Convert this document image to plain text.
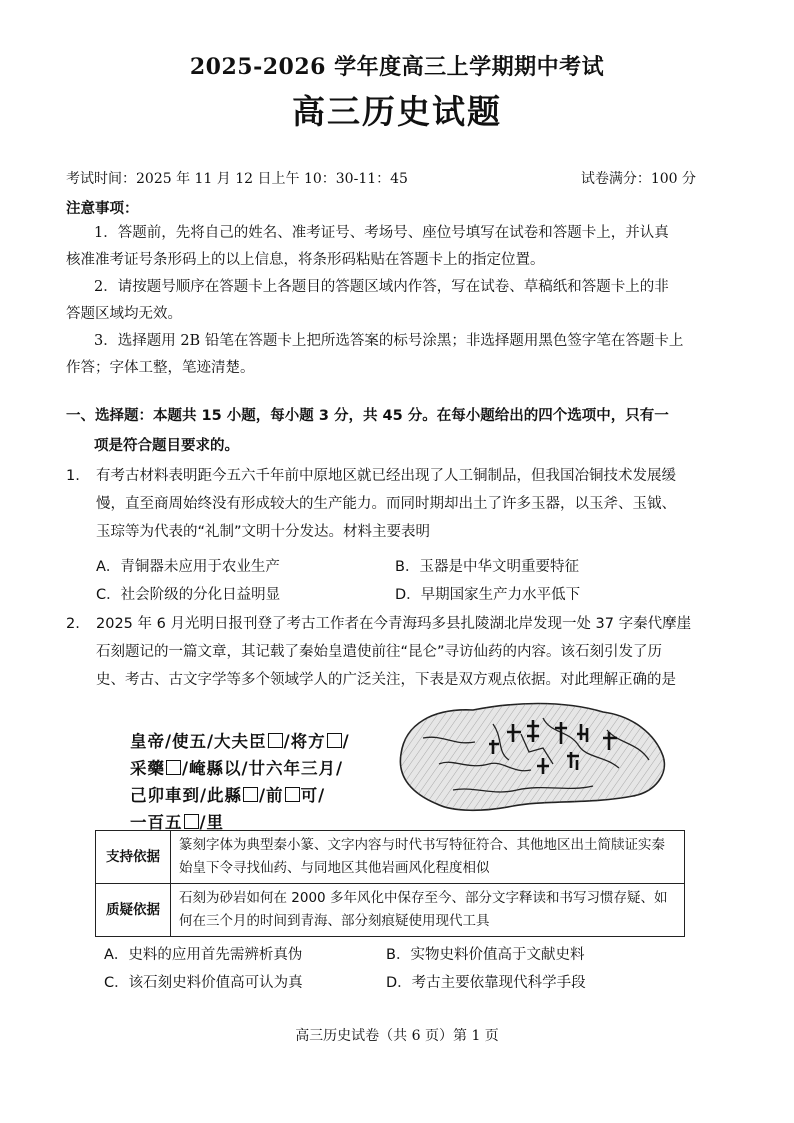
2025-2026 学年度高三上学期期中考试
高三历史试题
考试时间：2025 年 11 月 12 日上午 10：30-11：45	试卷满分：100 分
注意事项：
1．答题前，先将自己的姓名、准考证号、考场号、座位号填写在试卷和答题卡上，并认真
核准准考证号条形码上的以上信息，将条形码粘贴在答题卡上的指定位置。
2．请按题号顺序在答题卡上各题目的答题区域内作答，写在试卷、草稿纸和答题卡上的非
答题区域均无效。
3．选择题用 2B 铅笔在答题卡上把所选答案的标号涂黑；非选择题用黑色签字笔在答题卡上
作答；字体工整，笔迹清楚。
一、选择题：本题共 15 小题，每小题 3 分，共 45 分。在每小题给出的四个选项中，只有一
项是符合题目要求的。
1. 有考古材料表明距今五六千年前中原地区就已经出现了人工铜制品，但我国冶铜技术发展缓
慢，直至商周始终没有形成较大的生产能力。而同时期却出土了许多玉器，以玉斧、玉钺、
玉琮等为代表的“礼制”文明十分发达。材料主要表明
A．青铜器未应用于农业生产	B．玉器是中华文明重要特征
C．社会阶级的分化日益明显	D．早期国家生产力水平低下
2. 2025 年 6 月光明日报刊登了考古工作者在今青海玛多县扎陵湖北岸发现一处 37 字秦代摩崖
石刻题记的一篇文章，其记载了秦始皇遣使前往“昆仑”寻访仙药的内容。该石刻引发了历
史、考古、古文字学等多个领域学人的广泛关注，下表是双方观点依据。对此理解正确的是
皇帝/使五/大夫臣 /将方 /
采藥 /崦縣以/廿六年三月/
己卯車到/此縣 /前 可/
一百五 /里
支持依据	篆刻字体为典型秦小篆、文字内容与时代书写特征符合、其他地区出土简牍证实秦始皇下令寻找仙药、与同地区其他岩画风化程度相似
质疑依据	石刻为砂岩如何在 2000 多年风化中保存至今、部分文字释读和书写习惯存疑、如何在三个月的时间到青海、部分刻痕疑使用现代工具
A．史料的应用首先需辨析真伪	B．实物史料价值高于文献史料
C．该石刻史料价值高可认为真	D．考古主要依靠现代科学手段
高三历史试卷（共 6 页）第 1 页
